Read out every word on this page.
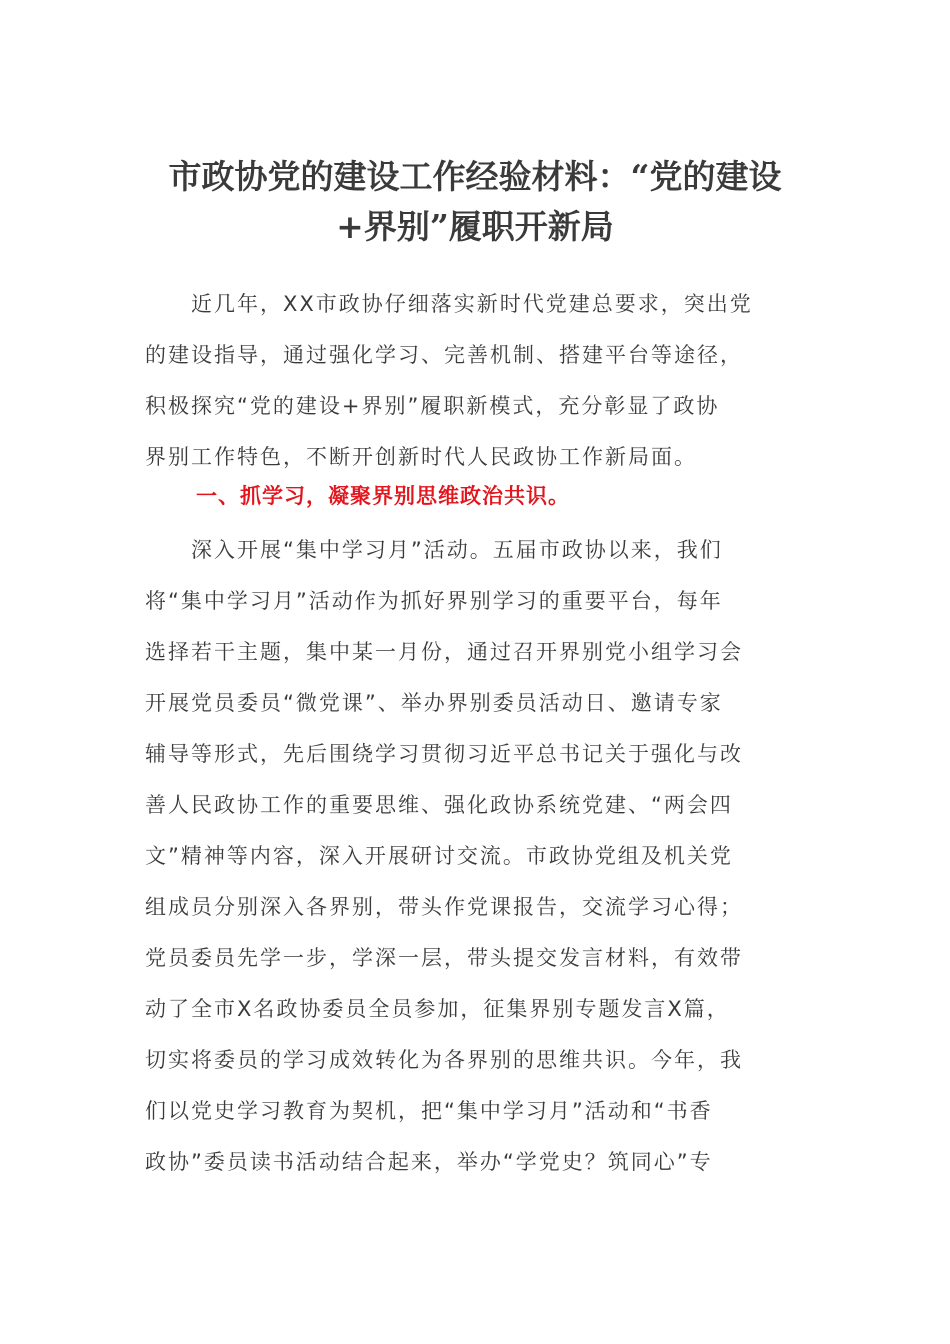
市政协党的建设工作经验材料：“党的建设
+界别”履职开新局
　　近几年，XX市政协仔细落实新时代党建总要求，突出党
的建设指导，通过强化学习、完善机制、搭建平台等途径，
积极探究“党的建设+界别”履职新模式，充分彰显了政协
界别工作特色，不断开创新时代人民政协工作新局面。
一、抓学习，凝聚界别思维政治共识。
　　深入开展“集中学习月”活动。五届市政协以来，我们
将“集中学习月”活动作为抓好界别学习的重要平台，每年
选择若干主题，集中某一月份，通过召开界别党小组学习会
开展党员委员“微党课”、举办界别委员活动日、邀请专家
辅导等形式，先后围绕学习贯彻习近平总书记关于强化与改
善人民政协工作的重要思维、强化政协系统党建、“两会四
文”精神等内容，深入开展研讨交流。市政协党组及机关党
组成员分别深入各界别，带头作党课报告，交流学习心得；
党员委员先学一步，学深一层，带头提交发言材料，有效带
动了全市X名政协委员全员参加，征集界别专题发言X篇，
切实将委员的学习成效转化为各界别的思维共识。今年，我
们以党史学习教育为契机，把“集中学习月”活动和“书香
政协”委员读书活动结合起来，举办“学党史？筑同心”专
